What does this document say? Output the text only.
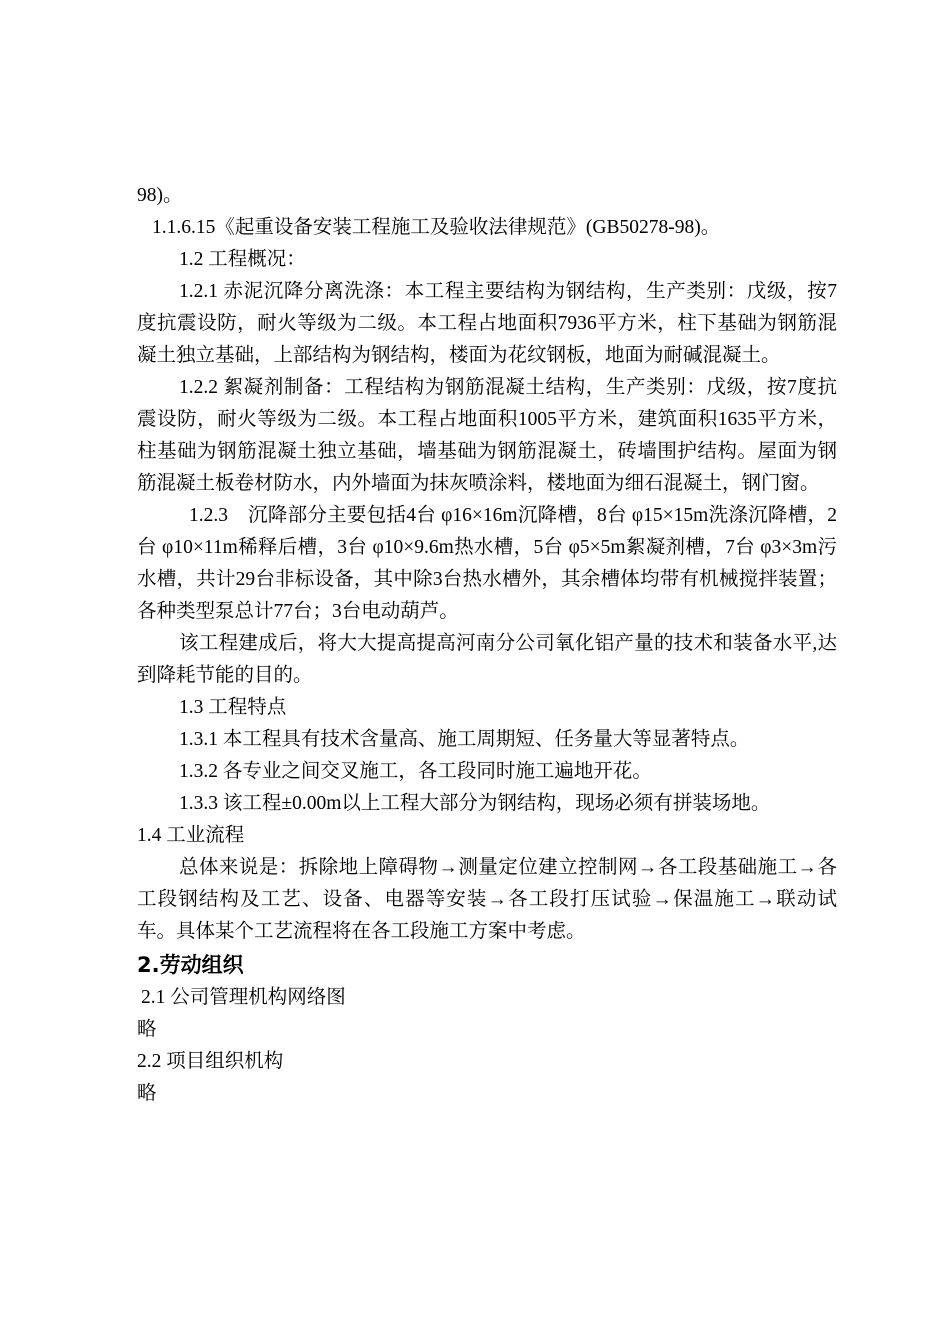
98)。

1.1.6.15《起重设备安装工程施工及验收法律规范》(GB50278-98)。

1.2 工程概况：

1.2.1 赤泥沉降分离洗涤：本工程主要结构为钢结构，生产类别：戊级，按7度抗震设防，耐火等级为二级。本工程占地面积7936平方米，柱下基础为钢筋混凝土独立基础，上部结构为钢结构，楼面为花纹钢板，地面为耐碱混凝土。

1.2.2 絮凝剂制备：工程结构为钢筋混凝土结构，生产类别：戊级，按7度抗震设防，耐火等级为二级。本工程占地面积1005平方米，建筑面积1635平方米，柱基础为钢筋混凝土独立基础，墙基础为钢筋混凝土，砖墙围护结构。屋面为钢筋混凝土板卷材防水，内外墙面为抹灰喷涂料，楼地面为细石混凝土，钢门窗。

1.2.3　沉降部分主要包括4台 φ16×16m沉降槽，8台 φ15×15m洗涤沉降槽，2台 φ10×11m稀释后槽，3台 φ10×9.6m热水槽，5台 φ5×5m絮凝剂槽，7台 φ3×3m污水槽，共计29台非标设备，其中除3台热水槽外，其余槽体均带有机械搅拌装置；各种类型泵总计77台；3台电动葫芦。

该工程建成后，将大大提高提高河南分公司氧化铝产量的技术和装备水平,达到降耗节能的目的。

1.3 工程特点

1.3.1 本工程具有技术含量高、施工周期短、任务量大等显著特点。

1.3.2 各专业之间交叉施工，各工段同时施工遍地开花。

1.3.3 该工程±0.00m以上工程大部分为钢结构，现场必须有拼装场地。

1.4 工业流程

总体来说是：拆除地上障碍物→测量定位建立控制网→各工段基础施工→各工段钢结构及工艺、设备、电器等安装→各工段打压试验→保温施工→联动试车。具体某个工艺流程将在各工段施工方案中考虑。

2.劳动组织

2.1 公司管理机构网络图

略

2.2 项目组织机构

略
